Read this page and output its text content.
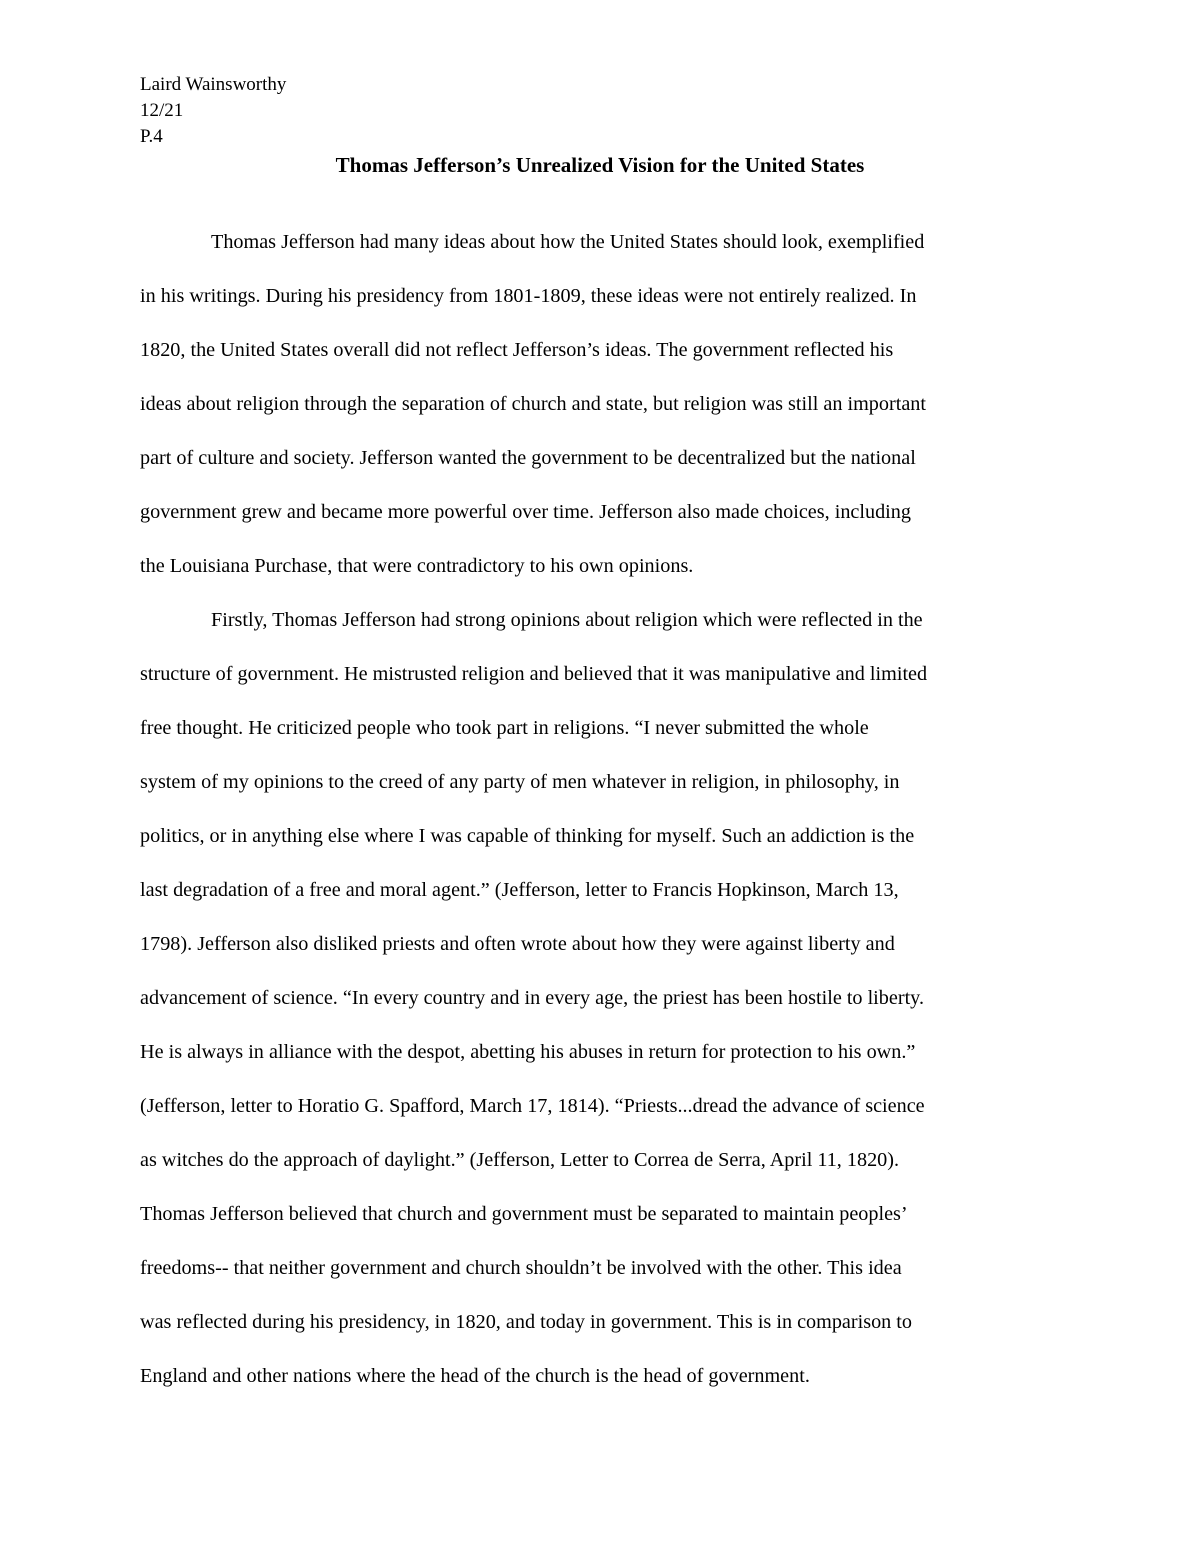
Laird Wainsworthy
12/21
P.4
Thomas Jefferson’s Unrealized Vision for the United States
Thomas Jefferson had many ideas about how the United States should look, exemplified
in his writings. During his presidency from 1801-1809, these ideas were not entirely realized. In
1820, the United States overall did not reflect Jefferson’s ideas. The government reflected his
ideas about religion through the separation of church and state, but religion was still an important
part of culture and society. Jefferson wanted the government to be decentralized but the national
government grew and became more powerful over time. Jefferson also made choices, including
the Louisiana Purchase, that were contradictory to his own opinions.
Firstly, Thomas Jefferson had strong opinions about religion which were reflected in the
structure of government. He mistrusted religion and believed that it was manipulative and limited
free thought. He criticized people who took part in religions. “I never submitted the whole
system of my opinions to the creed of any party of men whatever in religion, in philosophy, in
politics, or in anything else where I was capable of thinking for myself. Such an addiction is the
last degradation of a free and moral agent.” (Jefferson, letter to Francis Hopkinson, March 13,
1798). Jefferson also disliked priests and often wrote about how they were against liberty and
advancement of science. “In every country and in every age, the priest has been hostile to liberty.
He is always in alliance with the despot, abetting his abuses in return for protection to his own.”
(Jefferson, letter to Horatio G. Spafford, March 17, 1814). “Priests...dread the advance of science
as witches do the approach of daylight.” (Jefferson, Letter to Correa de Serra, April 11, 1820).
Thomas Jefferson believed that church and government must be separated to maintain peoples’
freedoms-- that neither government and church shouldn’t be involved with the other. This idea
was reflected during his presidency, in 1820, and today in government. This is in comparison to
England and other nations where the head of the church is the head of government.
